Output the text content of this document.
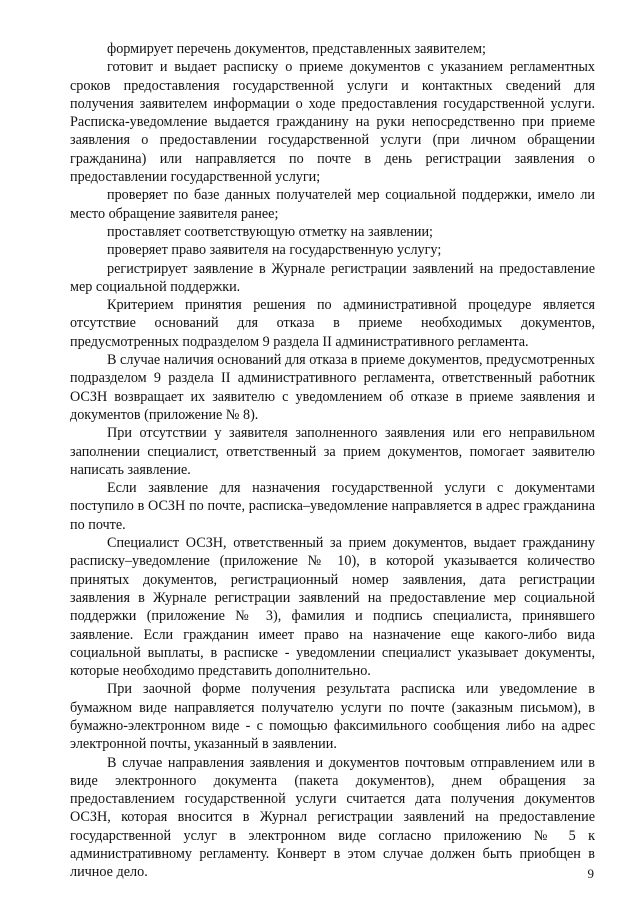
формирует перечень документов, представленных заявителем;

готовит и выдает расписку о приеме документов с указанием регламентных сроков предоставления государственной услуги и контактных сведений для получения заявителем информации о ходе предоставления государственной услуги. Расписка-уведомление выдается гражданину на руки непосредственно при приеме заявления о предоставлении государственной услуги (при личном обращении гражданина) или направляется по почте в день регистрации заявления о предоставлении государственной услуги;

проверяет по базе данных получателей мер социальной поддержки, имело ли место обращение заявителя ранее;

проставляет соответствующую отметку на заявлении;

проверяет право заявителя на государственную услугу;

регистрирует заявление в Журнале регистрации заявлений на предоставление мер социальной поддержки.

Критерием принятия решения по административной процедуре является отсутствие оснований для отказа в приеме необходимых документов, предусмотренных подразделом 9 раздела II административного регламента.

В случае наличия оснований для отказа в приеме документов, предусмотренных подразделом 9 раздела II административного регламента, ответственный работник ОСЗН возвращает их заявителю с уведомлением об отказе в приеме заявления и документов (приложение № 8).

При отсутствии у заявителя заполненного заявления или его неправильном заполнении специалист, ответственный за прием документов, помогает заявителю написать заявление.

Если заявление для назначения государственной услуги с документами поступило в ОСЗН по почте, расписка–уведомление направляется в адрес гражданина по почте.

Специалист ОСЗН, ответственный за прием документов, выдает гражданину расписку–уведомление (приложение № 10), в которой указывается количество принятых документов, регистрационный номер заявления, дата регистрации заявления в Журнале регистрации заявлений на предоставление мер социальной поддержки (приложение № 3), фамилия и подпись специалиста, принявшего заявление. Если гражданин имеет право на назначение еще какого-либо вида социальной выплаты, в расписке - уведомлении специалист указывает документы, которые необходимо представить дополнительно.

При заочной форме получения результата расписка или уведомление в бумажном виде направляется получателю услуги по почте (заказным письмом), в бумажно-электронном виде - с помощью факсимильного сообщения либо на адрес электронной почты, указанный в заявлении.

В случае направления заявления и документов почтовым отправлением или в виде электронного документа (пакета документов), днем обращения за предоставлением государственной услуги считается дата получения документов ОСЗН, которая вносится в Журнал регистрации заявлений на предоставление государственной услуг в электронном виде согласно приложению № 5 к административному регламенту. Конверт в этом случае должен быть приобщен в личное дело.	9
